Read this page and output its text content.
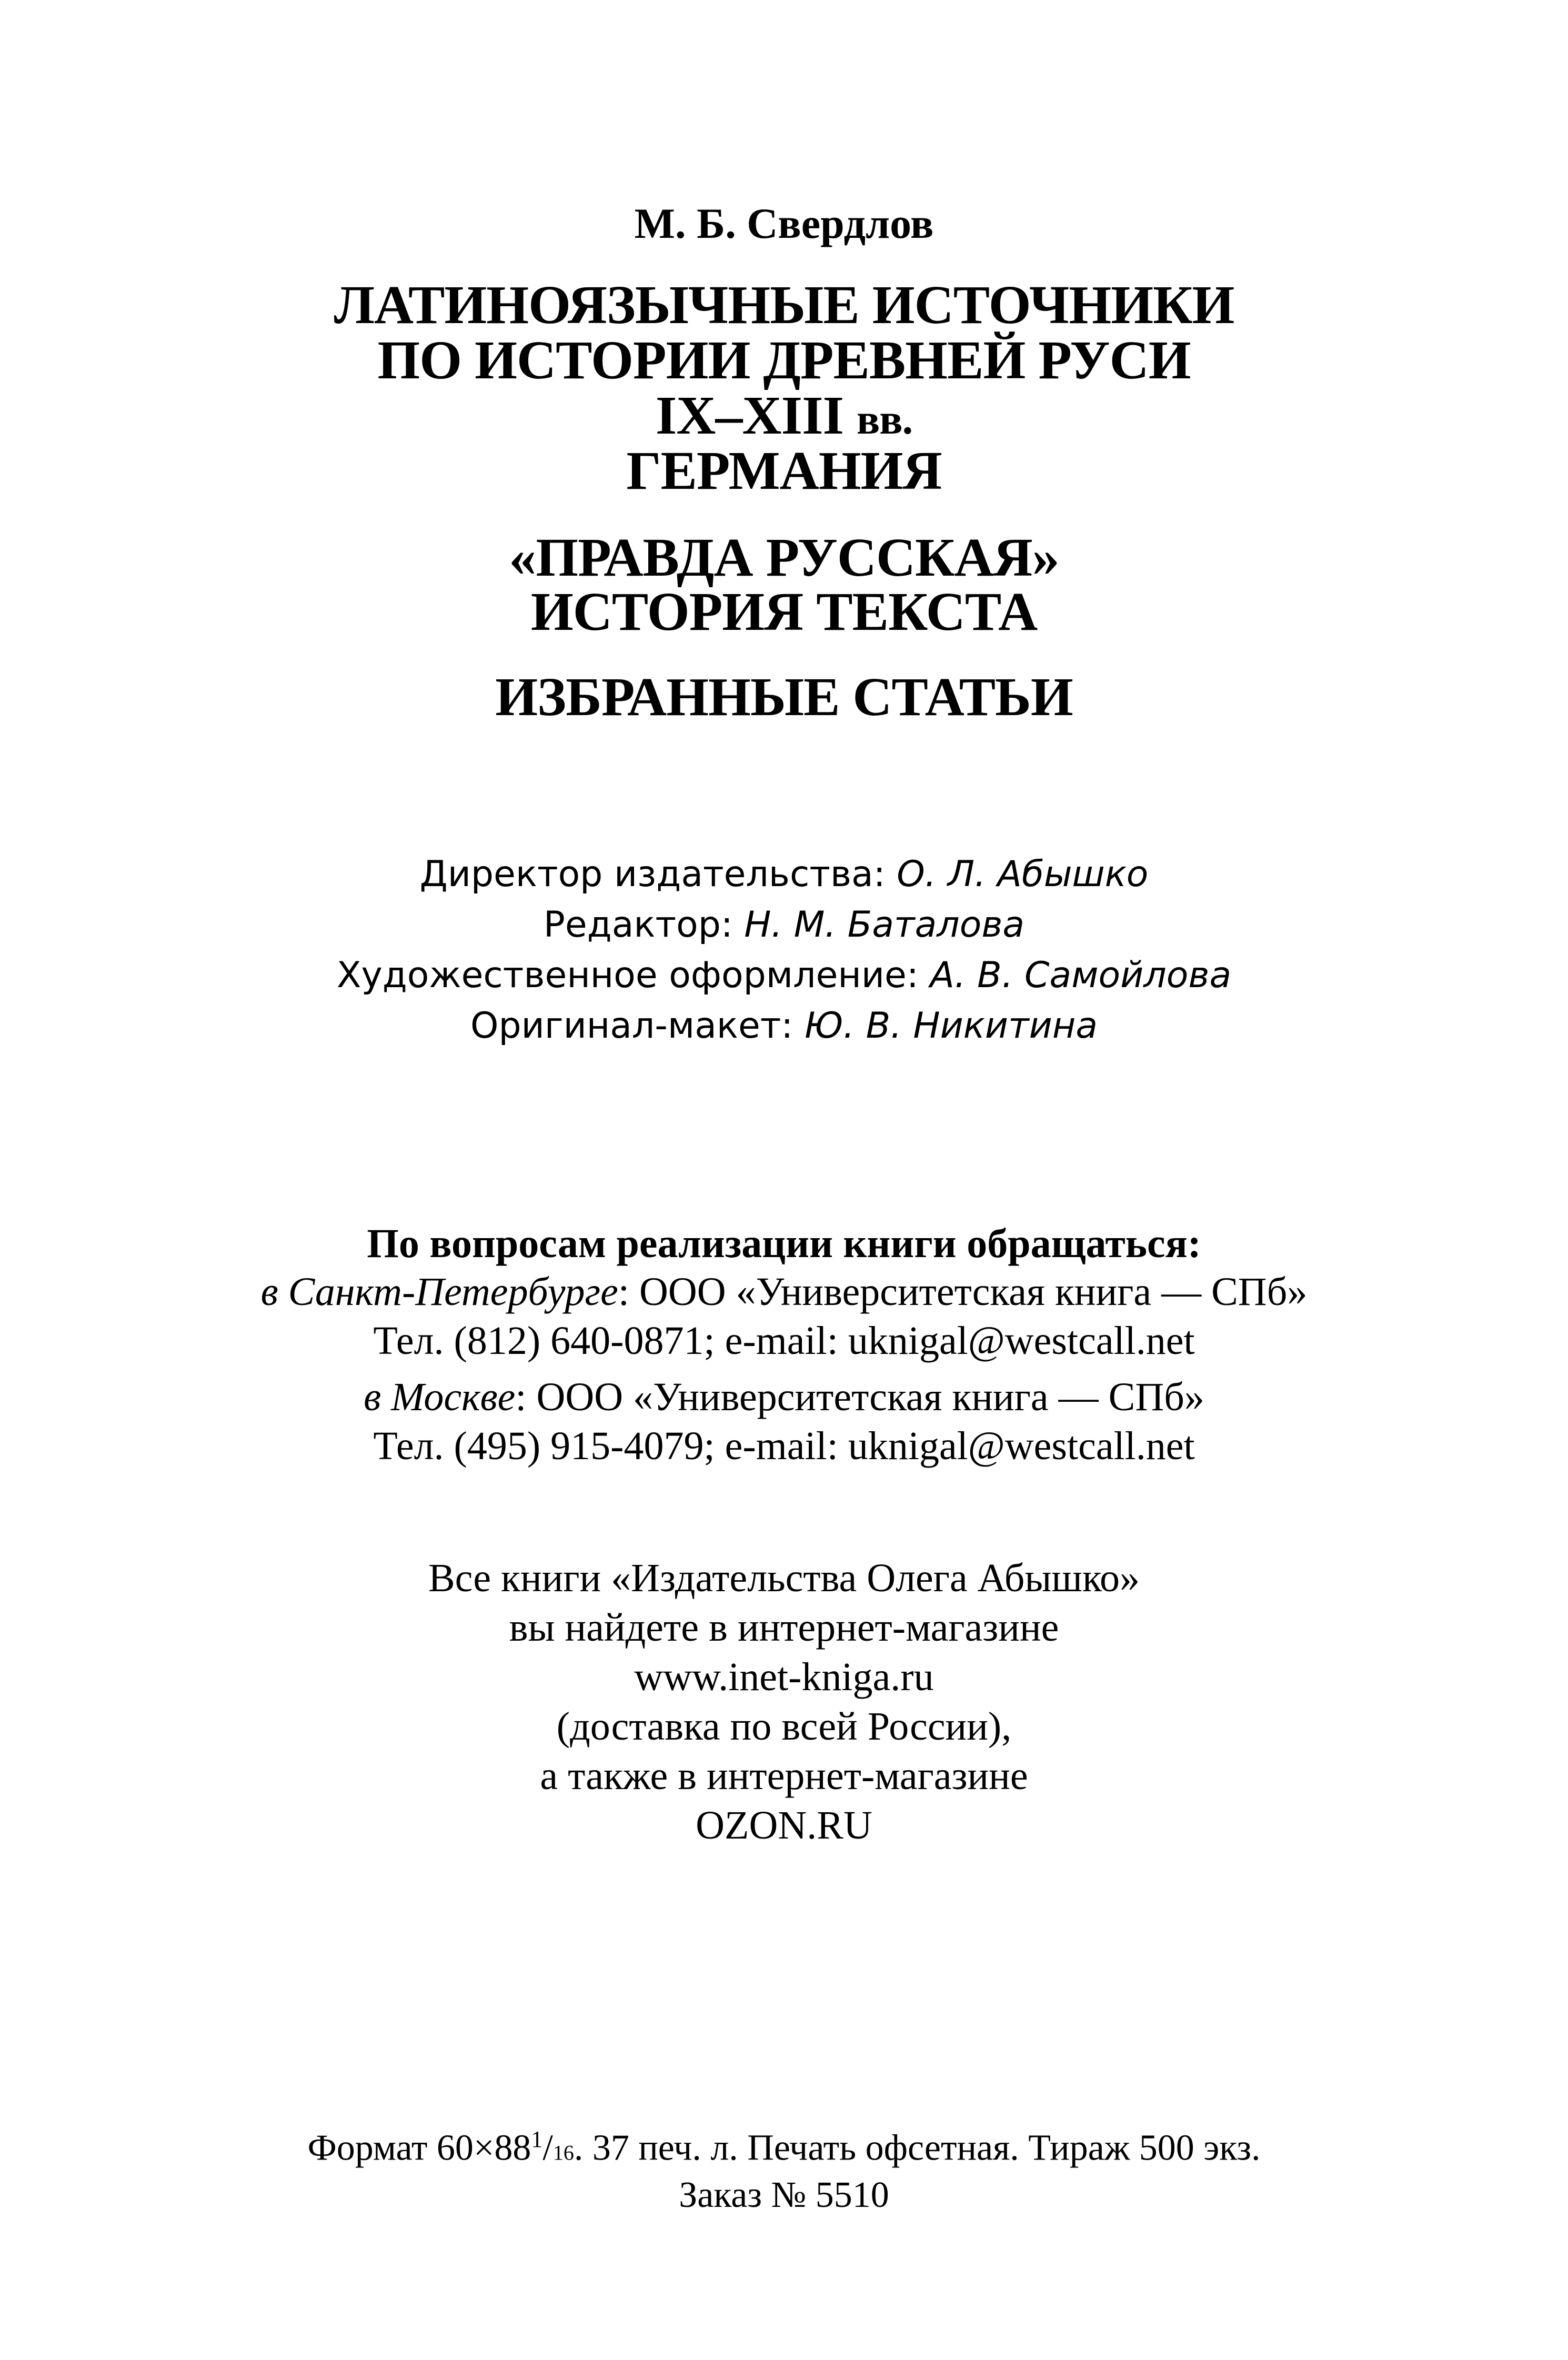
М. Б. Свердлов
ЛАТИНОЯЗЫЧНЫЕ ИСТОЧНИКИ
ПО ИСТОРИИ ДРЕВНЕЙ РУСИ
IX–XIII вв.
ГЕРМАНИЯ
«ПРАВДА РУССКАЯ»
ИСТОРИЯ ТЕКСТА
ИЗБРАННЫЕ СТАТЬИ
Директор издательства: О. Л. Абышко
Редактор: Н. М. Баталова
Художественное оформление: А. В. Самойлова
Оригинал-макет: Ю. В. Никитина
По вопросам реализации книги обращаться:
в Санкт-Петербурге: ООО «Университетская книга — СПб»
Тел. (812) 640-0871; e-mail: uknigal@westcall.net
в Москве: ООО «Университетская книга — СПб»
Тел. (495) 915-4079; e-mail: uknigal@westcall.net
Все книги «Издательства Олега Абышко»
вы найдете в интернет-магазине
www.inet-kniga.ru
(доставка по всей России),
а также в интернет-магазине
OZON.RU
Формат $60\times 88^1/16$. 37 печ. л. Печать офсетная. Тираж 500 экз.
Заказ № 5510
